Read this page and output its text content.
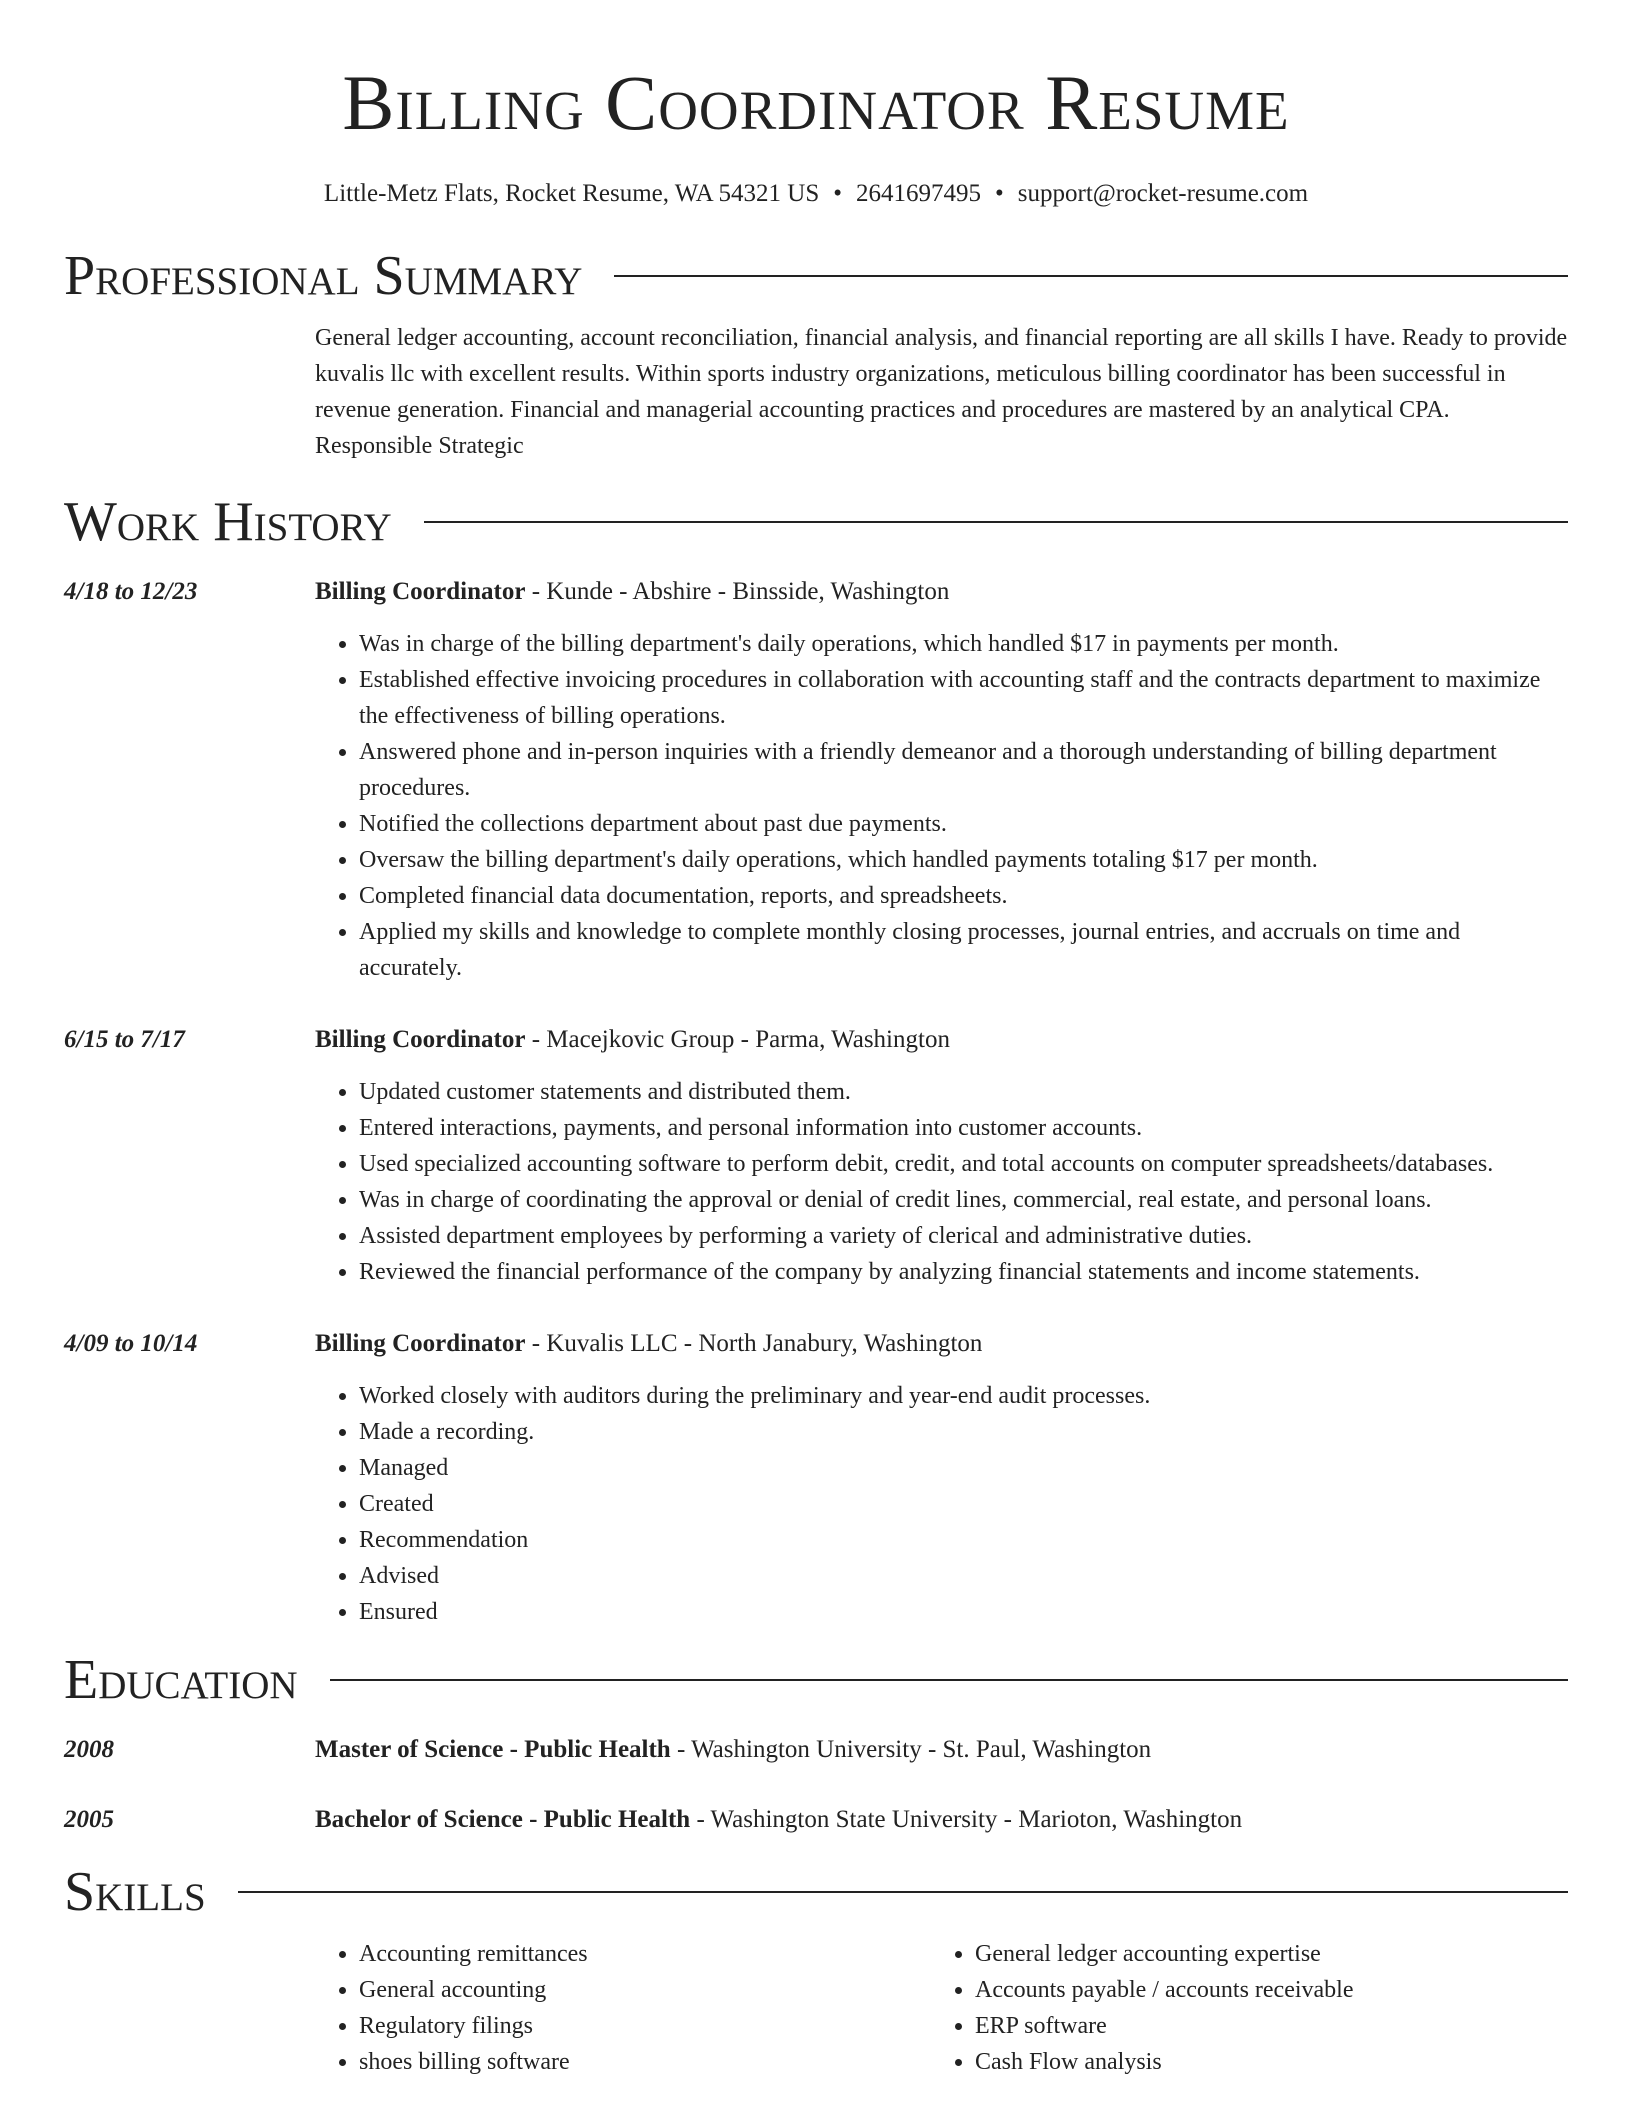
Billing Coordinator Resume
Little-Metz Flats, Rocket Resume, WA 54321 US • 2641697495 • support@rocket-resume.com
Professional Summary
General ledger accounting, account reconciliation, financial analysis, and financial reporting are all skills I have. Ready to provide kuvalis llc with excellent results. Within sports industry organizations, meticulous billing coordinator has been successful in revenue generation. Financial and managerial accounting practices and procedures are mastered by an analytical CPA. Responsible Strategic
Work History
4/18 to 12/23	Billing Coordinator - Kunde - Abshire - Binsside, Washington
• Was in charge of the billing department's daily operations, which handled $17 in payments per month.
• Established effective invoicing procedures in collaboration with accounting staff and the contracts department to maximize the effectiveness of billing operations.
• Answered phone and in-person inquiries with a friendly demeanor and a thorough understanding of billing department procedures.
• Notified the collections department about past due payments.
• Oversaw the billing department's daily operations, which handled payments totaling $17 per month.
• Completed financial data documentation, reports, and spreadsheets.
• Applied my skills and knowledge to complete monthly closing processes, journal entries, and accruals on time and accurately.
6/15 to 7/17	Billing Coordinator - Macejkovic Group - Parma, Washington
• Updated customer statements and distributed them.
• Entered interactions, payments, and personal information into customer accounts.
• Used specialized accounting software to perform debit, credit, and total accounts on computer spreadsheets/databases.
• Was in charge of coordinating the approval or denial of credit lines, commercial, real estate, and personal loans.
• Assisted department employees by performing a variety of clerical and administrative duties.
• Reviewed the financial performance of the company by analyzing financial statements and income statements.
4/09 to 10/14	Billing Coordinator - Kuvalis LLC - North Janabury, Washington
• Worked closely with auditors during the preliminary and year-end audit processes.
• Made a recording.
• Managed
• Created
• Recommendation
• Advised
• Ensured
Education
2008	Master of Science - Public Health - Washington University - St. Paul, Washington
2005	Bachelor of Science - Public Health - Washington State University - Marioton, Washington
Skills
• Accounting remittances
• General accounting
• Regulatory filings
• shoes billing software
• General ledger accounting expertise
• Accounts payable / accounts receivable
• ERP software
• Cash Flow analysis
